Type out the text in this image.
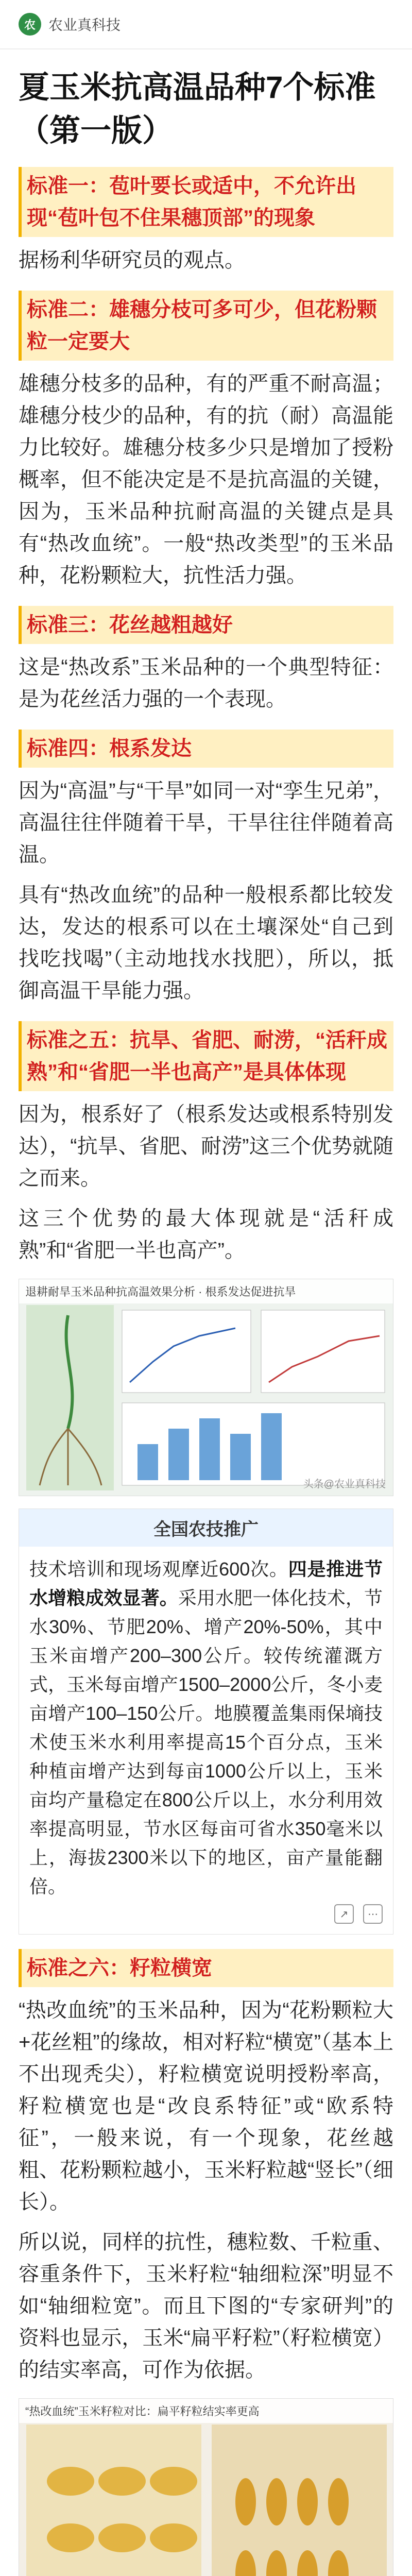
农 农业真科技
夏玉米抗高温品种7个标准（第一版）
标准一：苞叶要长或适中，不允许出现“苞叶包不住果穗顶部”的现象

据杨利华研究员的观点。

标准二：雄穗分枝可多可少，但花粉颗粒一定要大

雄穗分枝多的品种，有的严重不耐高温；雄穗分枝少的品种，有的抗（耐）高温能力比较好。雄穗分枝多少只是增加了授粉概率，但不能决定是不是抗高温的关键，因为，玉米品种抗耐高温的关键点是具有“热改血统”。一般“热改类型”的玉米品种，花粉颗粒大，抗性活力强。

标准三：花丝越粗越好

这是“热改系”玉米品种的一个典型特征：是为花丝活力强的一个表现。

标准四：根系发达

因为“高温”与“干旱”如同一对“孪生兄弟”，高温往往伴随着干旱，干旱往往伴随着高温。

具有“热改血统”的品种一般根系都比较发达，发达的根系可以在土壤深处“自己到找吃找喝”（主动地找水找肥），所以，抵御高温干旱能力强。

标准之五：抗旱、省肥、耐涝，“活秆成熟”和“省肥一半也高产”是具体体现

因为，根系好了（根系发达或根系特别发达），“抗旱、省肥、耐涝”这三个优势就随之而来。

这三个优势的最大体现就是“活秆成熟”和“省肥一半也高产”。

退耕耐旱玉米品种抗高温效果分析 · 根系发达促进抗旱
头条@农业真科技
全国农技推广

技术培训和现场观摩近600次。四是推进节水增粮成效显著。采用水肥一体化技术，节水30%、节肥20%、增产20%-50%，其中玉米亩增产200–300公斤。较传统灌溉方式，玉米每亩增产1500–2000公斤，冬小麦亩增产100–150公斤。地膜覆盖集雨保墒技术使玉米水利用率提高15个百分点，玉米种植亩增产达到每亩1000公斤以上，玉米亩均产量稳定在800公斤以上，水分利用效率提高明显，节水区每亩可省水350毫米以上，海拔2300米以下的地区，亩产量能翻倍。

↗	⋯
标准之六：籽粒横宽

“热改血统”的玉米品种，因为“花粉颗粒大+花丝粗”的缘故，相对籽粒“横宽”（基本上不出现秃尖），籽粒横宽说明授粉率高，籽粒横宽也是“改良系特征”或“欧系特征”，一般来说，有一个现象，花丝越粗、花粉颗粒越小，玉米籽粒越“竖长”（细长）。

所以说，同样的抗性，穗粒数、千粒重、容重条件下，玉米籽粒“轴细粒深”明显不如“轴细粒宽”。而且下图的“专家研判”的资料也显示，玉米“扁平籽粒”（籽粒横宽）的结实率高，可作为依据。

“热改血统”玉米籽粒对比：扁平籽粒结实率更高
